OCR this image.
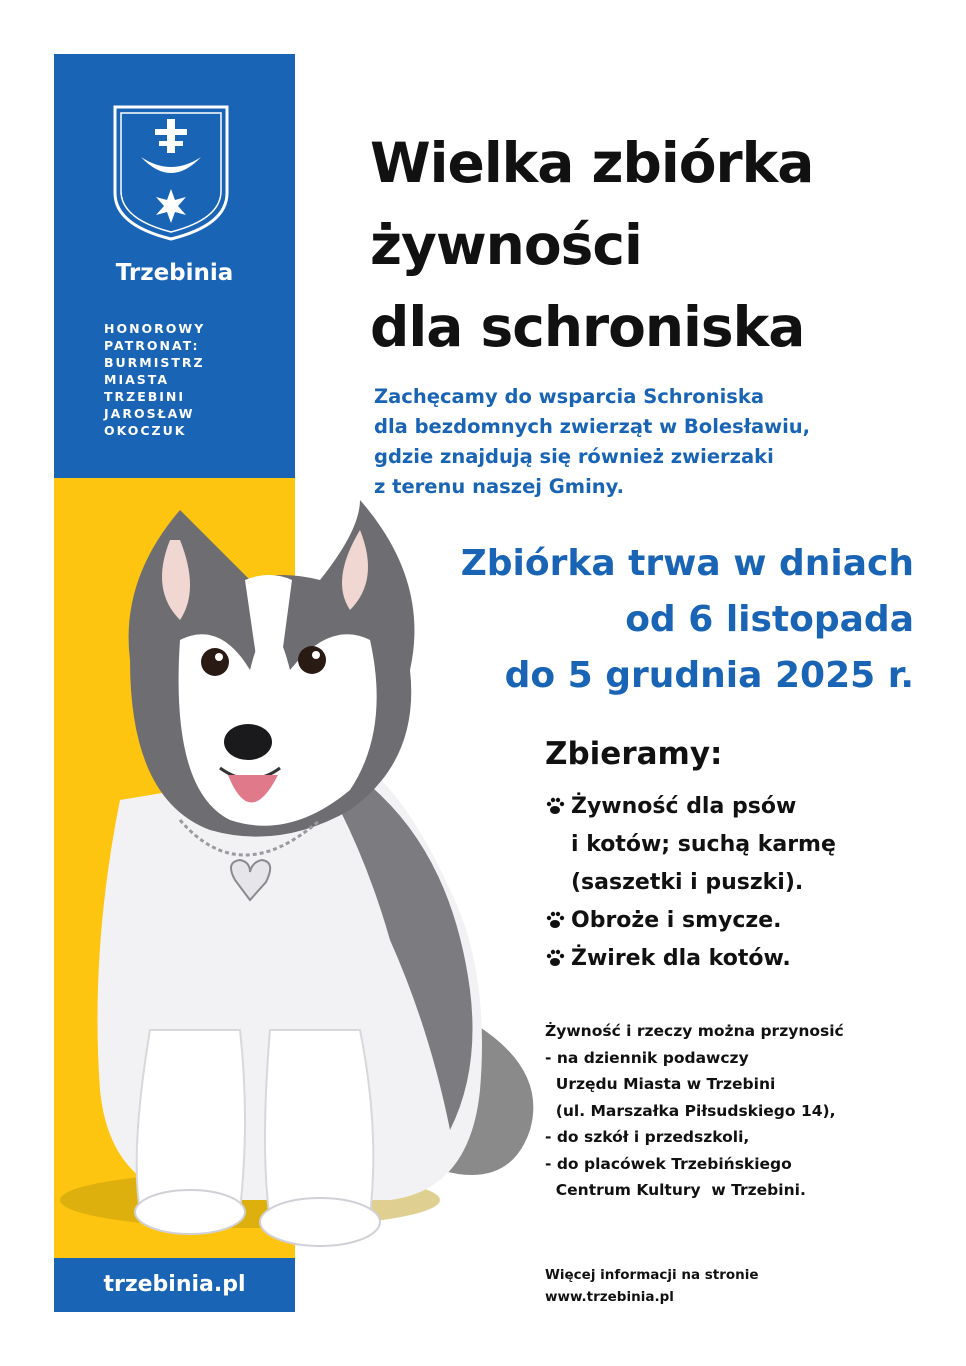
Trzebinia
HONOROWY
PATRONAT:
BURMISTRZ
MIASTA
TRZEBINI
JAROSŁAW
OKOCZUK
trzebinia.pl
Wielka zbiórka
żywności
dla schroniska
Zachęcamy do wsparcia Schroniska
dla bezdomnych zwierząt w Bolesławiu,
gdzie znajdują się również zwierzaki
z terenu naszej Gminy.
Zbiórka trwa w dniach
od 6 listopada
do 5 grudnia 2025 r.
Zbieramy:
Żywność dla psów
i kotów; suchą karmę
(saszetki i puszki).
Obroże i smycze.
Żwirek dla kotów.
Żywność i rzeczy można przynosić
- na dziennik podawczy
Urzędu Miasta w Trzebini
(ul. Marszałka Piłsudskiego 14),
- do szkół i przedszkoli,
- do placówek Trzebińskiego
Centrum Kultury  w Trzebini.
Więcej informacji na stronie
www.trzebinia.pl
